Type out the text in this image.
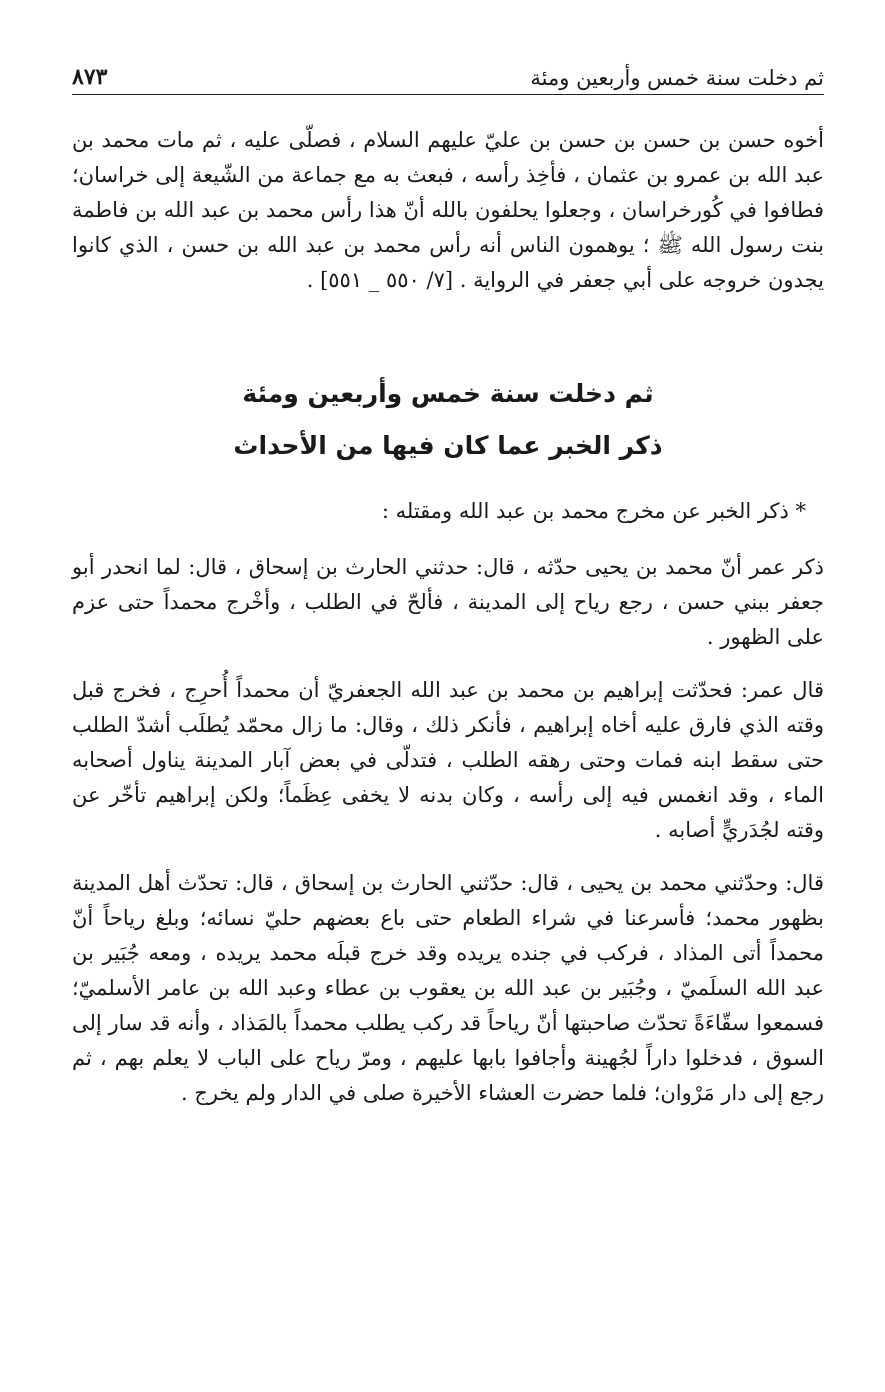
ثم دخلت سنة خمس وأربعين ومئة
٨٧٣

أخوه حسن بن حسن بن حسن بن عليّ عليهم السلام ، فصلّى عليه ، ثم مات محمد بن عبد الله بن عمرو بن عثمان ، فأخِذ رأسه ، فبعث به مع جماعة من الشّيعة إلى خراسان؛ فطافوا في كُورخراسان ، وجعلوا يحلفون بالله أنّ هذا رأس محمد بن عبد الله بن فاطمة بنت رسول الله ﷺ ؛ يوهمون الناس أنه رأس محمد بن عبد الله بن حسن ، الذي كانوا يجدون خروجه على أبي جعفر في الرواية . [٧/ ٥٥٠ _ ٥٥١] .

ثم دخلت سنة خمس وأربعين ومئة
ذكر الخبر عما كان فيها من الأحداث
* ذكر الخبر عن مخرج محمد بن عبد الله ومقتله :

ذكر عمر أنّ محمد بن يحيى حدّثه ، قال: حدثني الحارث بن إسحاق ، قال: لما انحدر أبو جعفر ببني حسن ، رجع رياح إلى المدينة ، فألحّ في الطلب ، وأخْرج محمداً حتى عزم على الظهور .

قال عمر: فحدّثت إبراهيم بن محمد بن عبد الله الجعفريّ أن محمداً أُحرِج ، فخرج قبل وقته الذي فارق عليه أخاه إبراهيم ، فأنكر ذلك ، وقال: ما زال محمّد يُطلَب أشدّ الطلب حتى سقط ابنه فمات وحتى رهقه الطلب ، فتدلّى في بعض آبار المدينة يناول أصحابه الماء ، وقد انغمس فيه إلى رأسه ، وكان بدنه لا يخفى عِظَماً؛ ولكن إبراهيم تأخّر عن وقته لجُدَريٍّ أصابه .

قال: وحدّثني محمد بن يحيى ، قال: حدّثني الحارث بن إسحاق ، قال: تحدّث أهل المدينة بظهور محمد؛ فأسرعنا في شراء الطعام حتى باع بعضهم حليّ نسائه؛ وبلغ رياحاً أنّ محمداً أتى المذاد ، فركب في جنده يريده وقد خرج قبلَه محمد يريده ، ومعه جُبَير بن عبد الله السلَميّ ، وجُبَير بن عبد الله بن يعقوب بن عطاء وعبد الله بن عامر الأسلميّ؛ فسمعوا سقّاءَةً تحدّث صاحبتها أنّ رياحاً قد ركب يطلب محمداً بالمَذاد ، وأنه قد سار إلى السوق ، فدخلوا داراً لجُهينة وأجافوا بابها عليهم ، ومرّ رياح على الباب لا يعلم بهم ، ثم رجع إلى دار مَرْوان؛ فلما حضرت العشاء الأخيرة صلى في الدار ولم يخرج .
